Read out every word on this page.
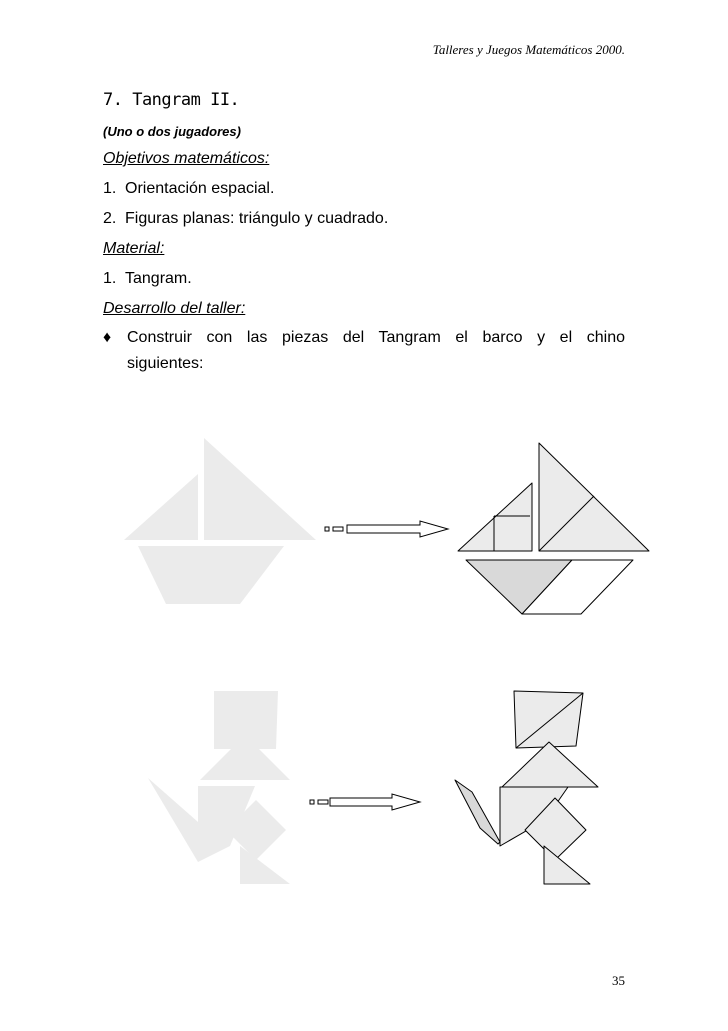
Talleres y Juegos Matemáticos 2000.
7. Tangram II.
(Uno o dos jugadores)
Objetivos matemáticos:
1. Orientación espacial.
2. Figuras planas: triángulo y cuadrado.
Material:
1. Tangram.
Desarrollo del taller:
♦ Construir con las piezas del Tangram el barco y el chino
siguientes:
35
